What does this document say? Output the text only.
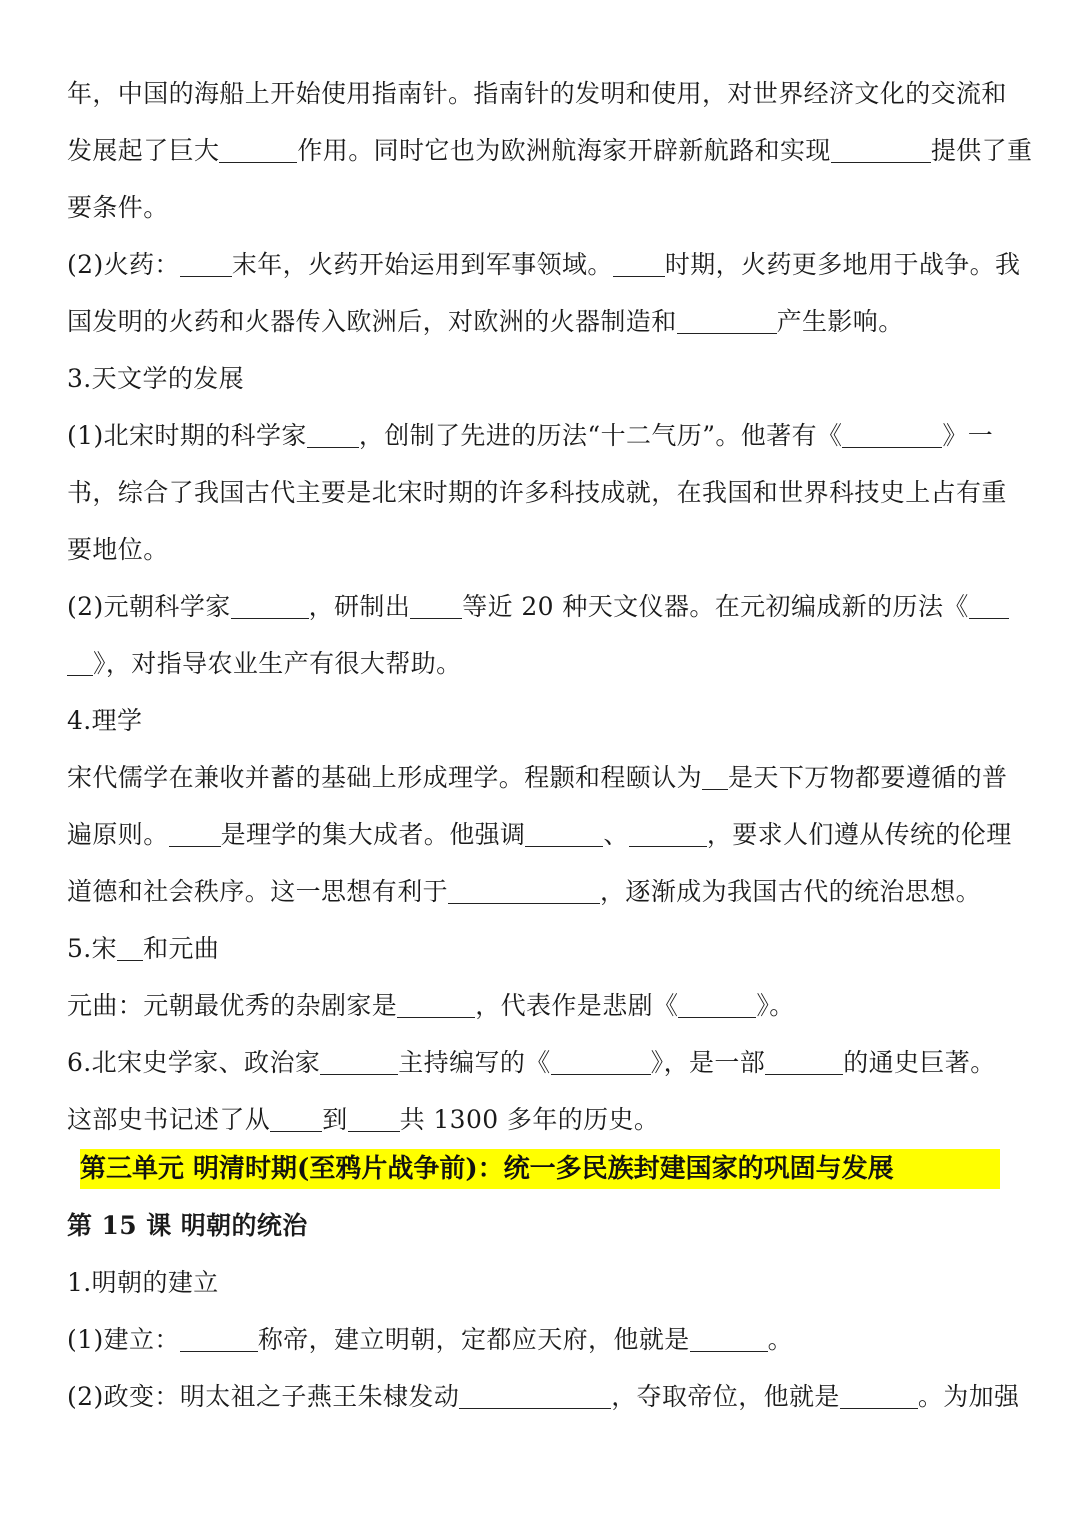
年，中国的海船上开始使用指南针。指南针的发明和使用，对世界经济文化的交流和
发展起了巨大	作用。同时它也为欧洲航海家开辟新航路和实现	提供了重
要条件。
(2)火药： 末年，火药开始运用到军事领域。 时期，火药更多地用于战争。我
国发明的火药和火器传入欧洲后，对欧洲的火器制造和	产生影响。
3.天文学的发展
(1)北宋时期的科学家 ，创制了先进的历法“十二气历”。他著有《	》一
书，综合了我国古代主要是北宋时期的许多科技成就，在我国和世界科技史上占有重
要地位。
(2)元朝科学家	，研制出 等近 20 种天文仪器。在元初编成新的历法《
》，对指导农业生产有很大帮助。
4.理学
宋代儒学在兼收并蓄的基础上形成理学。程颢和程颐认为 是天下万物都要遵循的普
遍原则。 是理学的集大成者。他强调	、	，要求人们遵从传统的伦理
道德和社会秩序。这一思想有利于	，逐渐成为我国古代的统治思想。
5.宋 和元曲
元曲：元朝最优秀的杂剧家是	，代表作是悲剧《	》。
6.北宋史学家、政治家	主持编写的《	》，是一部	的通史巨著。
这部史书记述了从 到 共 1300 多年的历史。
第三单元 明清时期(至鸦片战争前)：统一多民族封建国家的巩固与发展
第 15 课 明朝的统治
1.明朝的建立
(1)建立：	称帝，建立明朝，定都应天府，他就是	。
(2)政变：明太祖之子燕王朱棣发动	，夺取帝位，他就是	。为加强
